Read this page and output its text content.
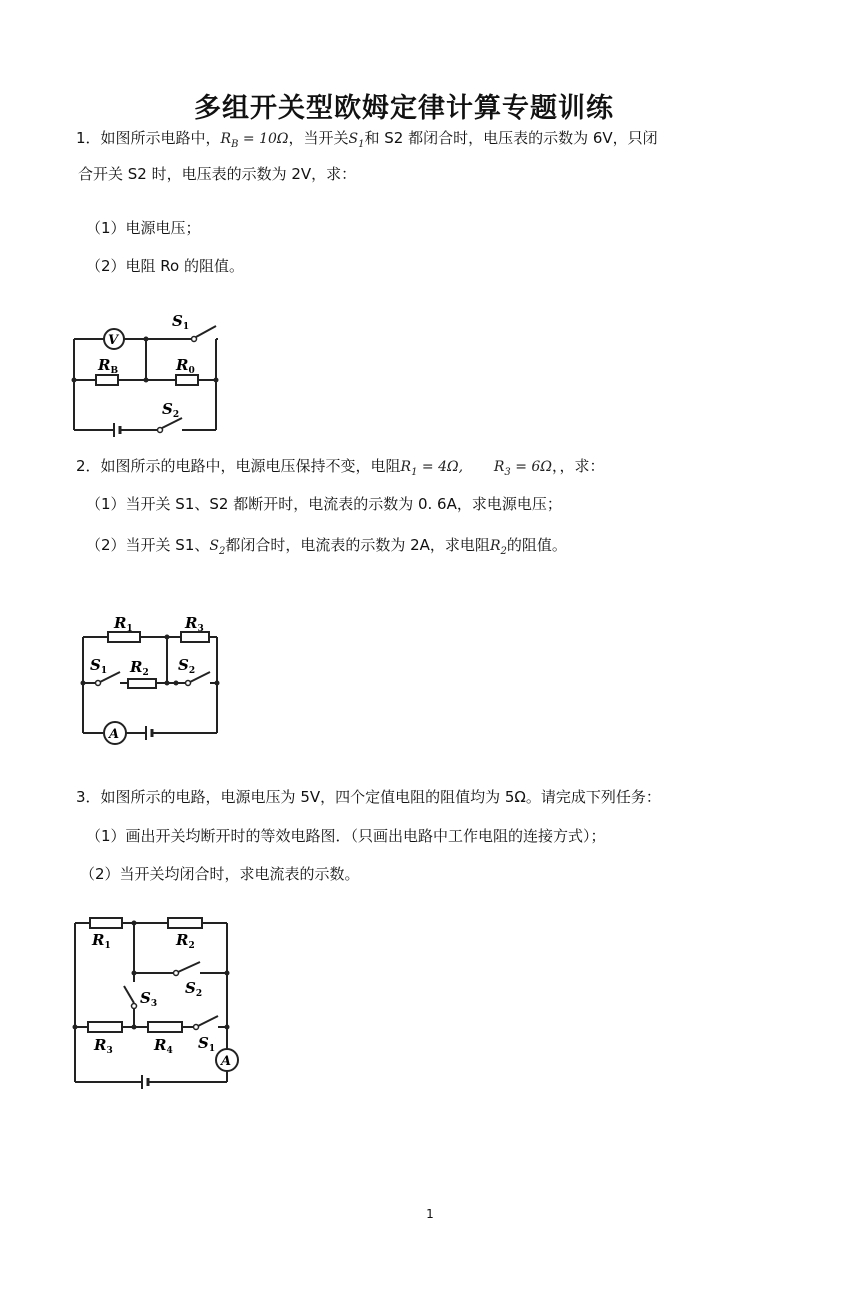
多组开关型欧姆定律计算专题训练
1．如图所示电路中，$R_B = 10\Omega$，当开关$S_1$和 S2 都闭合时，电压表的示数为 6V，只闭
合开关 S2 时，电压表的示数为 2V，求：
（1）电源电压；
（2）电阻 Ro 的阻值。
V
$S_1$
$R_B$	$R_0$
$S_2$
2．如图所示的电路中，电源电压保持不变，电阻$R_1 = 4\Omega$, $R_3 = 6\Omega$，，求：
（1）当开关 S1、S2 都断开时，电流表的示数为 0. 6A，求电源电压；
（2）当开关 S1、$S_2$都闭合时，电流表的示数为 2A，求电阻$R_2$的阻值。
$R_1$	$R_3$
$S_1$ $R_2$ $S_2$
A
3．如图所示的电路，电源电压为 5V，四个定值电阻的阻值均为 5Ω。请完成下列任务：
（1）画出开关均断开时的等效电路图．（只画出电路中工作电阻的连接方式）；
（2）当开关均闭合时，求电流表的示数。
$R_1$	$R_2$
$S_2$
$S_3$
$R_3$	$R_4$ $S_1$
A
1
